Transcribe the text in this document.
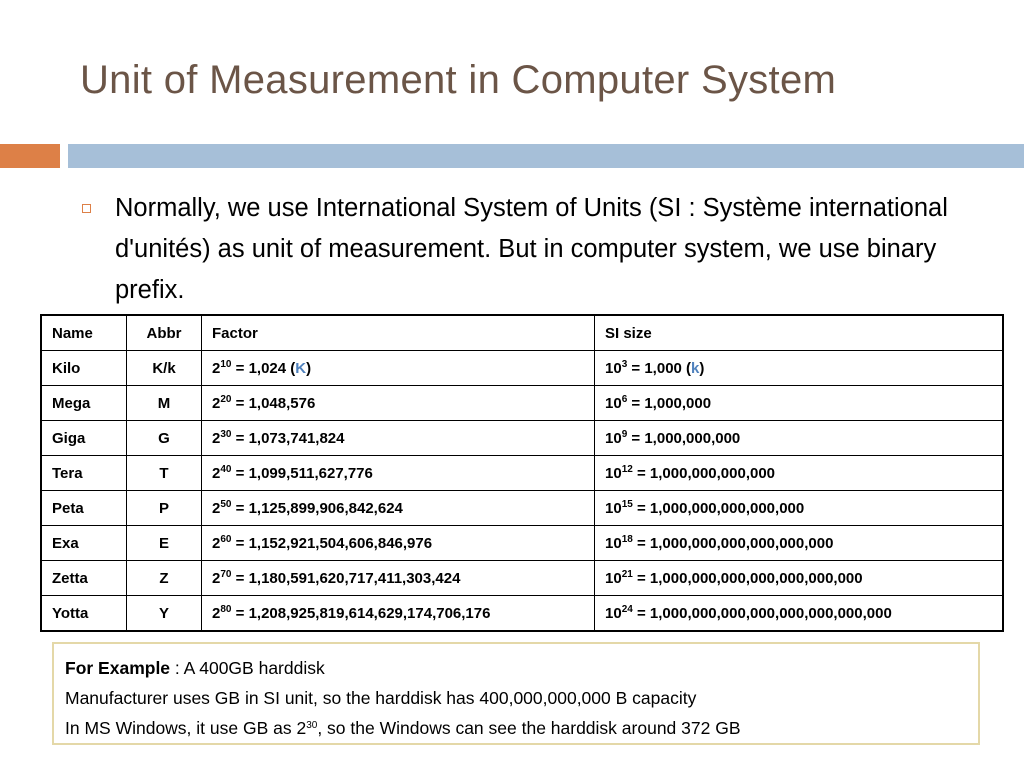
Unit of Measurement in Computer System
Normally, we use International System of Units (SI : Système international d'unités) as unit of measurement. But in computer system, we use binary prefix.
Name	Abbr	Factor	SI size
Kilo	K/k	$2^{10} = 1,024$ (K)	$10^3 = 1,000$ (k)
Mega	M	$2^{20} = 1,048,576$	$10^6 = 1,000,000$
Giga	G	$2^{30} = 1,073,741,824$	$10^9 = 1,000,000,000$
Tera	T	$2^{40} = 1,099,511,627,776$	$10^{12} = 1,000,000,000,000$
Peta	P	$2^{50} = 1,125,899,906,842,624$	$10^{15} = 1,000,000,000,000,000$
Exa	E	$2^{60} = 1,152,921,504,606,846,976$	$10^{18} = 1,000,000,000,000,000,000$
Zetta	Z	$2^{70} = 1,180,591,620,717,411,303,424$	$10^{21} = 1,000,000,000,000,000,000,000$
Yotta	Y	$2^{80} = 1,208,925,819,614,629,174,706,176$	$10^{24} = 1,000,000,000,000,000,000,000,000$
For Example : A 400GB harddisk
Manufacturer uses GB in SI unit, so the harddisk has 400,000,000,000 B capacity
In MS Windows, it use GB as $2^{30}$, so the Windows can see the harddisk around 372 GB
